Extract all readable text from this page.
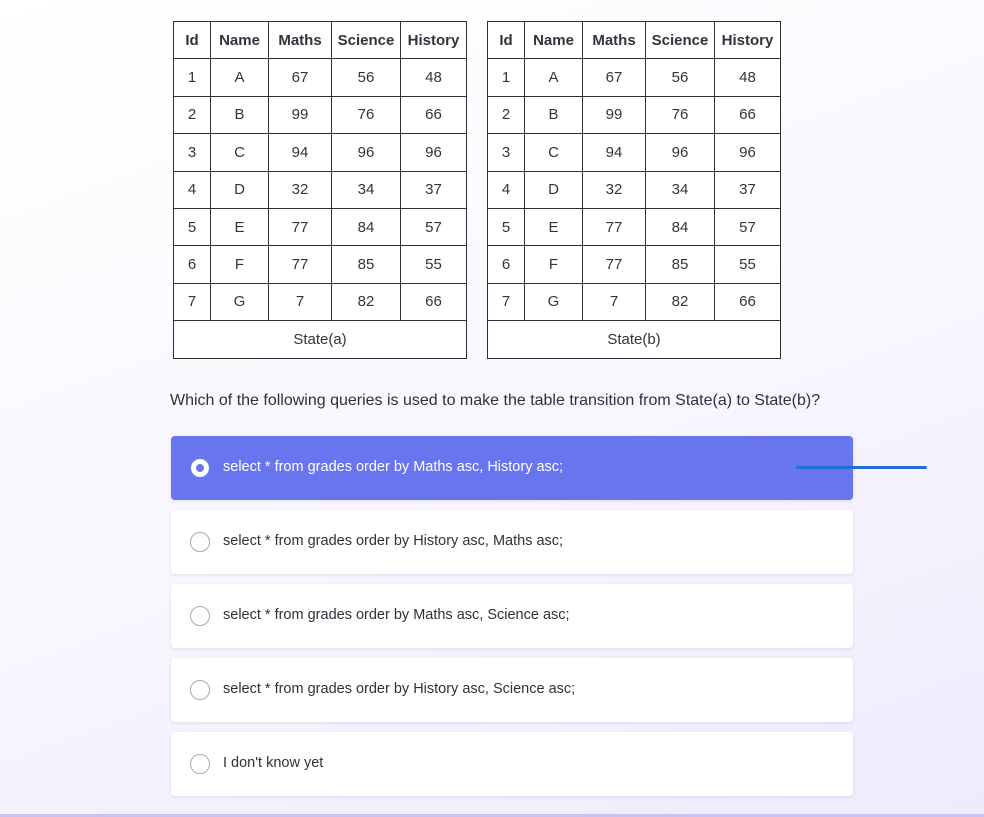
Id	Name	Maths	Science	History
1	A	67	56	48
2	B	99	76	66
3	C	94	96	96
4	D	32	34	37
5	E	77	84	57
6	F	77	85	55
7	G	7	82	66
State(a)				
Id	Name	Maths	Science	History
1	A	67	56	48
2	B	99	76	66
3	C	94	96	96
4	D	32	34	37
5	E	77	84	57
6	F	77	85	55
7	G	7	82	66
State(b)				
Which of the following queries is used to make the table transition from State(a) to State(b)?
select * from grades order by Maths asc, History asc;
select * from grades order by History asc, Maths asc;
select * from grades order by Maths asc, Science asc;
select * from grades order by History asc, Science asc;
I don't know yet
